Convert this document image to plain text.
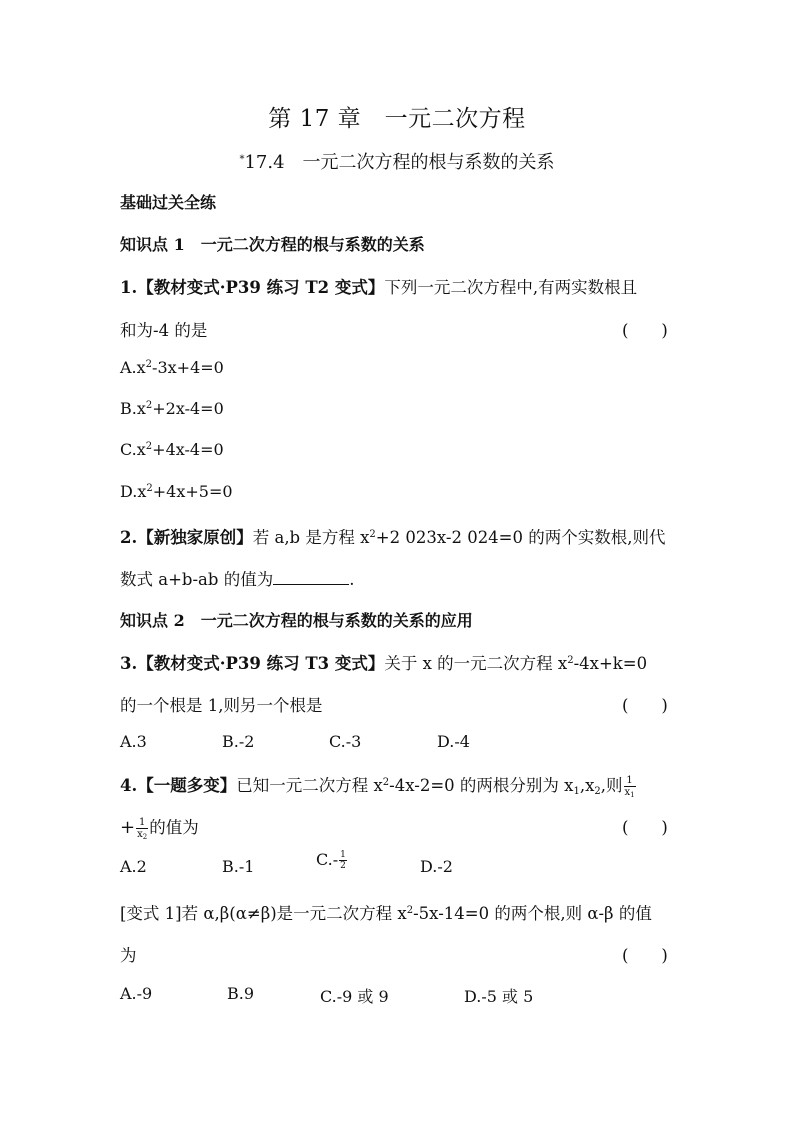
第 17 章　一元二次方程
*17.4　一元二次方程的根与系数的关系
基础过关全练
知识点 1　一元二次方程的根与系数的关系
1.【教材变式·P39 练习 T2 变式】下列一元二次方程中,有两实数根且
和为-4 的是	(　　)
$A.x^2-3x+4=0$
$B.x^2+2x-4=0$
$C.x^2+4x-4=0$
$D.x^2+4x+5=0$
2.【新独家原创】若 a,b 是方程 $x^2+2$ 023x-2 024=0 的两个实数根,则代
数式 a+b-ab 的值为	.
知识点 2　一元二次方程的根与系数的关系的应用
3.【教材变式·P39 练习 T3 变式】关于 x 的一元二次方程 $x^2-4x+k=0$
的一个根是 1,则另一个根是	(　　)
A.3	B.-2	C.-3	D.-4
4.【一题多变】已知一元二次方程 $x^2-4x-2=0$ 的两根分别为 $x_1,x_2$,则 $\frac{1}{x_1}$
+ $\frac{1}{x_2}$ 的值为	(　　)
A.2	B.-1	$C.- \frac{1}{2}$	D.-2
[变式 1]若 α,β(α≠β)是一元二次方程 $x^2-5x-14=0$ 的两个根,则 α-β 的值
为	(　　)
A.-9	B.9	C.-9 或 9	D.-5 或 5
